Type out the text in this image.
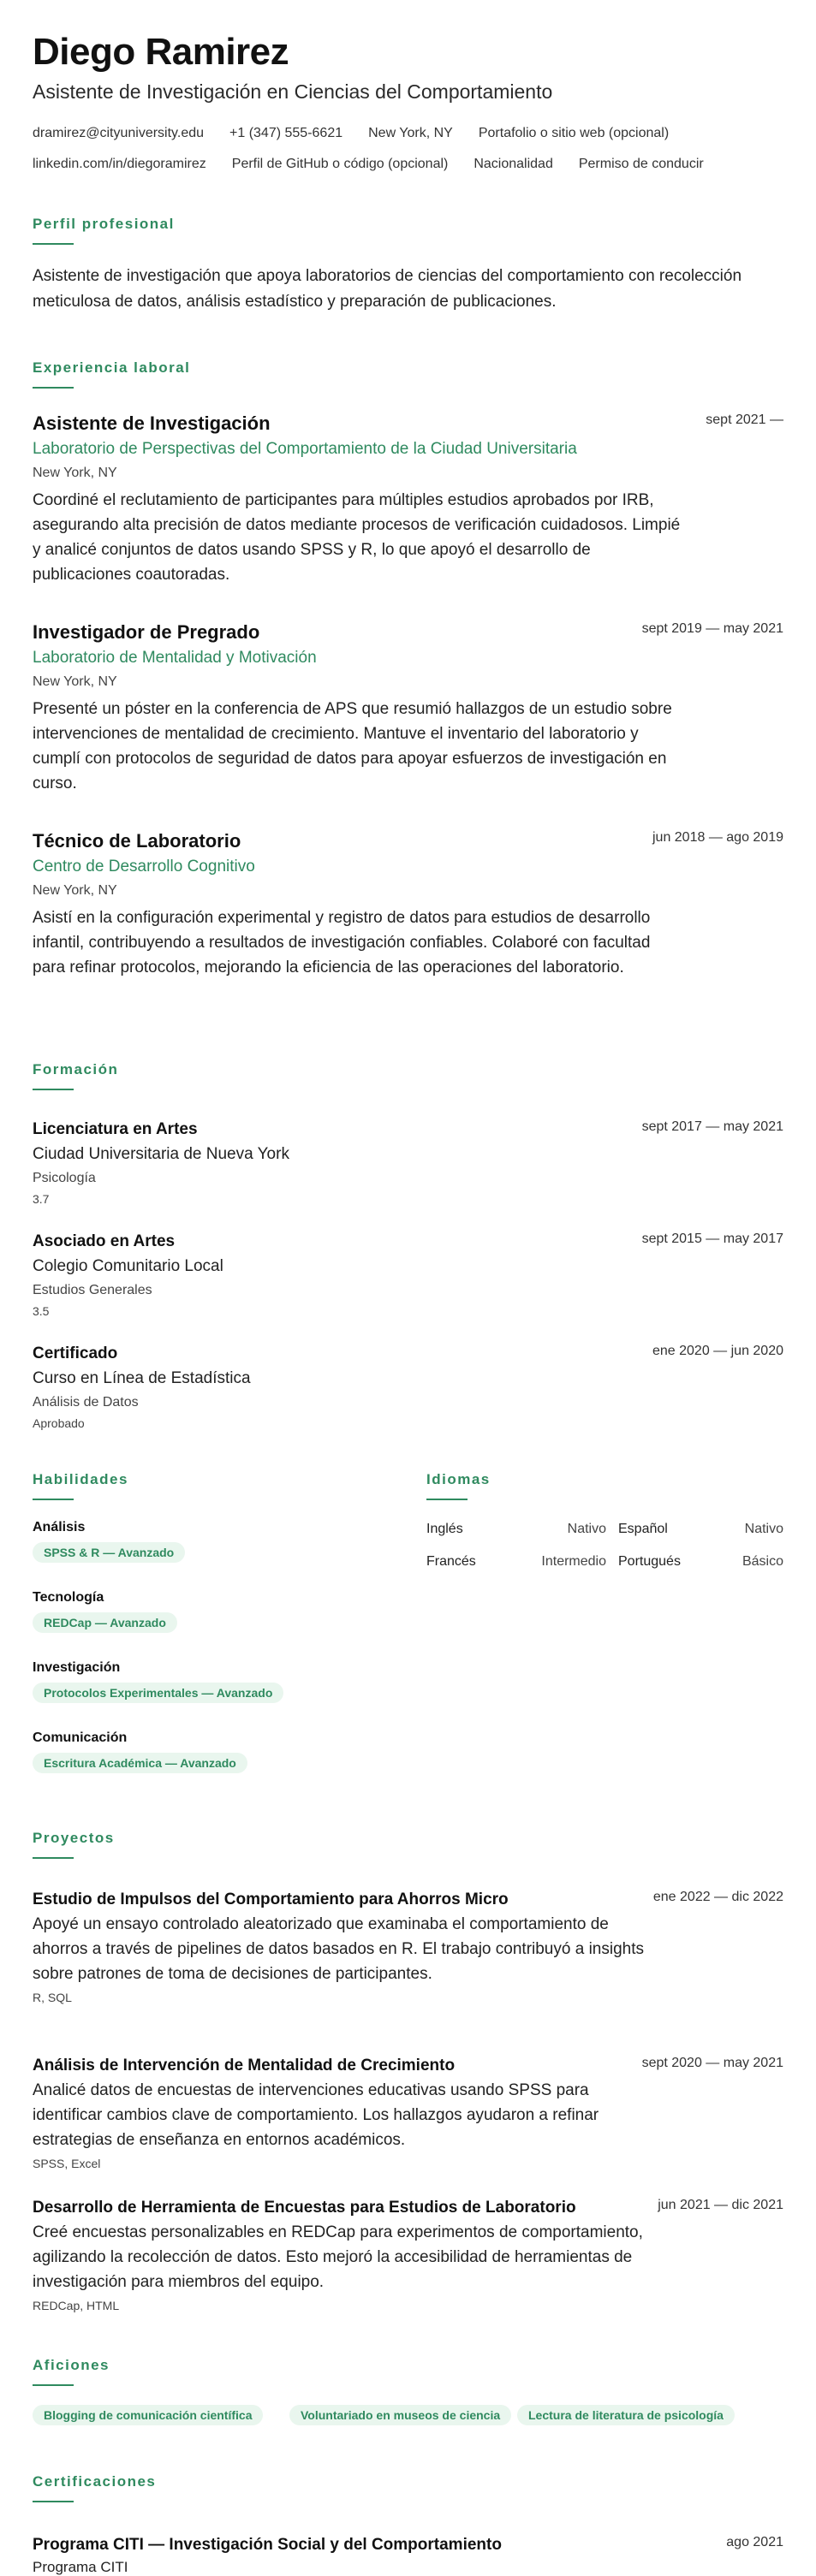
Diego Ramirez
Asistente de Investigación en Ciencias del Comportamiento
dramirez@cityuniversity.edu +1 (347) 555-6621 New York, NY Portafolio o sitio web (opcional)
linkedin.com/in/diegoramirez Perfil de GitHub o código (opcional) Nacionalidad Permiso de conducir
Perfil profesional
Asistente de investigación que apoya laboratorios de ciencias del comportamiento con recolección meticulosa de datos, análisis estadístico y preparación de publicaciones.
Experiencia laboral
Asistente de Investigación	sept 2021 —
Laboratorio de Perspectivas del Comportamiento de la Ciudad Universitaria
New York, NY
Coordiné el reclutamiento de participantes para múltiples estudios aprobados por IRB, asegurando alta precisión de datos mediante procesos de verificación cuidadosos. Limpié y analicé conjuntos de datos usando SPSS y R, lo que apoyó el desarrollo de publicaciones coautoradas.
Investigador de Pregrado	sept 2019 — may 2021
Laboratorio de Mentalidad y Motivación
New York, NY
Presenté un póster en la conferencia de APS que resumió hallazgos de un estudio sobre intervenciones de mentalidad de crecimiento. Mantuve el inventario del laboratorio y cumplí con protocolos de seguridad de datos para apoyar esfuerzos de investigación en curso.
Técnico de Laboratorio	jun 2018 — ago 2019
Centro de Desarrollo Cognitivo
New York, NY
Asistí en la configuración experimental y registro de datos para estudios de desarrollo infantil, contribuyendo a resultados de investigación confiables. Colaboré con facultad para refinar protocolos, mejorando la eficiencia de las operaciones del laboratorio.
Formación
Licenciatura en Artes	sept 2017 — may 2021
Ciudad Universitaria de Nueva York
Psicología
3.7
Asociado en Artes	sept 2015 — may 2017
Colegio Comunitario Local
Estudios Generales
3.5
Certificado	ene 2020 — jun 2020
Curso en Línea de Estadística
Análisis de Datos
Aprobado
Habilidades
Análisis
SPSS & R — Avanzado
Tecnología
REDCap — Avanzado
Investigación
Protocolos Experimentales — Avanzado
Comunicación
Escritura Académica — Avanzado
Idiomas
Inglés	Nativo Español	Nativo
Francés	Intermedio Portugués	Básico
Proyectos
Estudio de Impulsos del Comportamiento para Ahorros Micro	ene 2022 — dic 2022
Apoyé un ensayo controlado aleatorizado que examinaba el comportamiento de ahorros a través de pipelines de datos basados en R. El trabajo contribuyó a insights sobre patrones de toma de decisiones de participantes.
R, SQL
Análisis de Intervención de Mentalidad de Crecimiento	sept 2020 — may 2021
Analicé datos de encuestas de intervenciones educativas usando SPSS para identificar cambios clave de comportamiento. Los hallazgos ayudaron a refinar estrategias de enseñanza en entornos académicos.
SPSS, Excel
Desarrollo de Herramienta de Encuestas para Estudios de Laboratorio	jun 2021 — dic 2021
Creé encuestas personalizables en REDCap para experimentos de comportamiento, agilizando la recolección de datos. Esto mejoró la accesibilidad de herramientas de investigación para miembros del equipo.
REDCap, HTML
Aficiones
Blogging de comunicación científica	Voluntariado en museos de ciencia	Lectura de literatura de psicología
Certificaciones
Programa CITI — Investigación Social y del Comportamiento	ago 2021
Programa CITI
